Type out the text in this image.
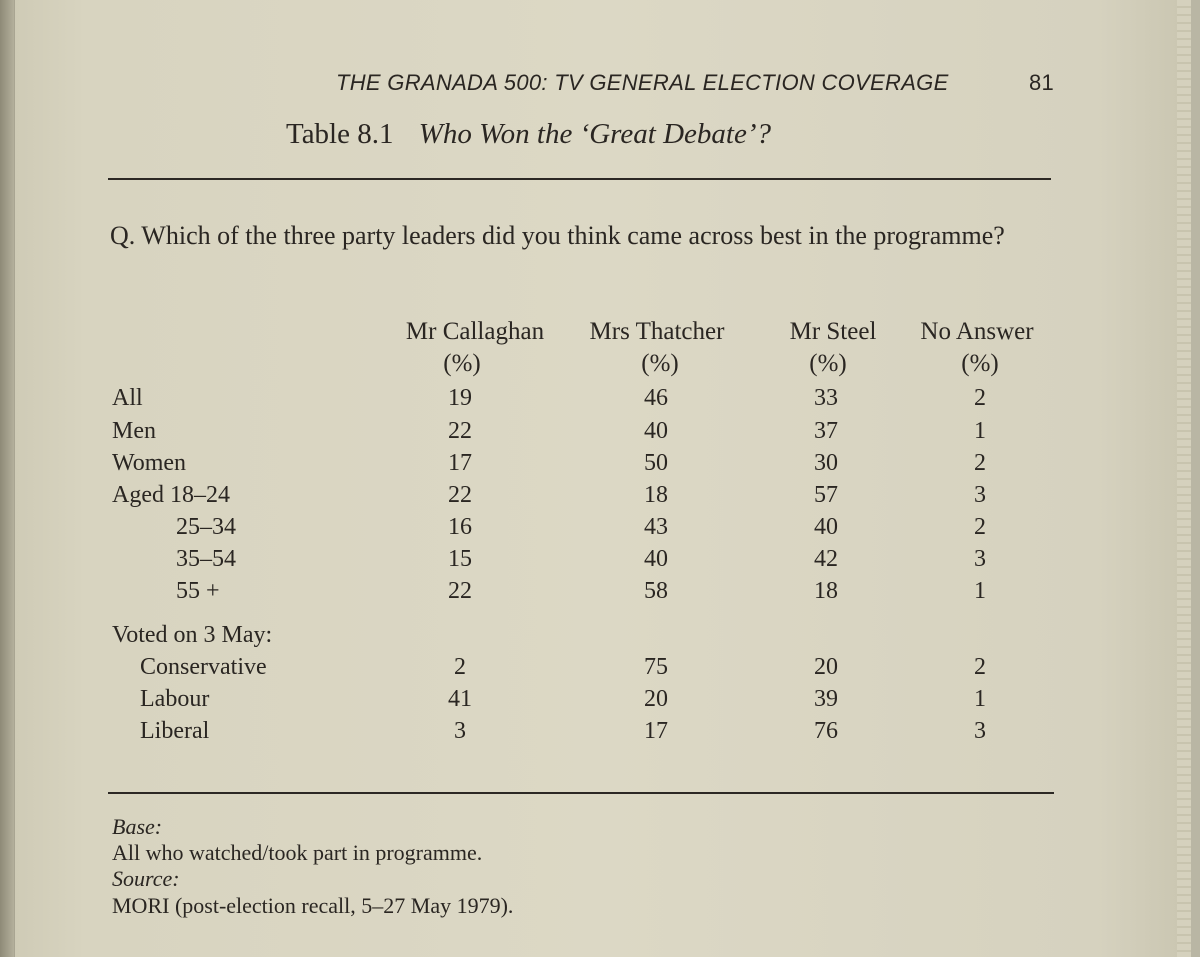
THE GRANADA 500: TV GENERAL ELECTION COVERAGE	81
Table 8.1 Who Won the ‘Great Debate’?
Q. Which of the three party leaders did you think came across best in the programme?
Mr Callaghan	Mrs Thatcher	Mr Steel	No Answer
(%)	(%)	(%)	(%)
All	19	46	33	2
Men	22	40	37	1
Women	17	50	30	2
Aged 18–24	22	18	57	3
25–34	16	43	40	2
35–54	15	40	42	3
55 +	22	58	18	1
Voted on 3 May:
Conservative	2	75	20	2
Labour	41	20	39	1
Liberal	3	17	76	3
Base:
All who watched/took part in programme.
Source:
MORI (post-election recall, 5–27 May 1979).
